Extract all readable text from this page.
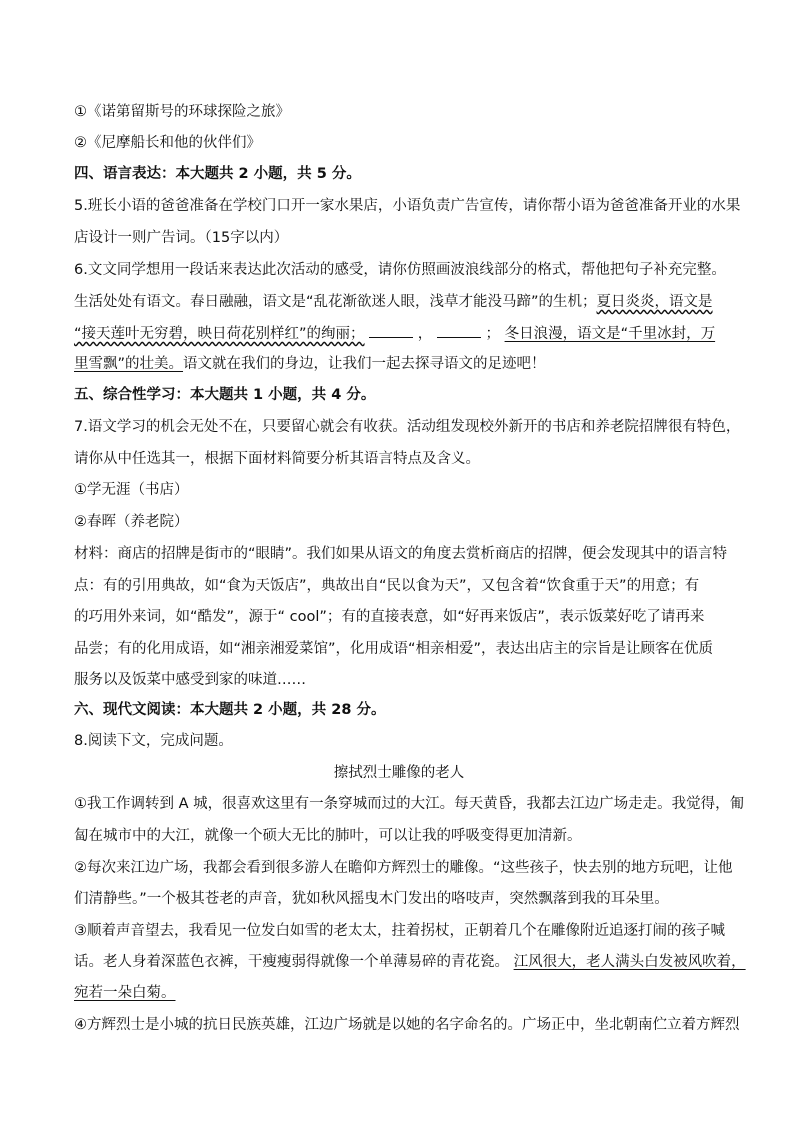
①《诺第留斯号的环球探险之旅》
②《尼摩船长和他的伙伴们》
四、语言表达：本大题共 2 小题，共 5 分。
5.班长小语的爸爸准备在学校门口开一家水果店，小语负责广告宣传，请你帮小语为爸爸准备开业的水果
店设计一则广告词。（15字以内）
6.文文同学想用一段话来表达此次活动的感受，请你仿照画波浪线部分的格式，帮他把句子补充完整。
生活处处有语文。春日融融，语文是“乱花渐欲迷人眼，浅草才能没马蹄”的生机；夏日炎炎，语文是
“接天莲叶无穷碧，映日荷花别样红”的绚丽；	，	； 冬日浪漫，语文是“千里冰封，万
里雪飘”的壮美。语文就在我们的身边，让我们一起去探寻语文的足迹吧！
五、综合性学习：本大题共 1 小题，共 4 分。
7.语文学习的机会无处不在，只要留心就会有收获。活动组发现校外新开的书店和养老院招牌很有特色，
请你从中任选其一，根据下面材料简要分析其语言特点及含义。
①学无涯（书店）
②春晖（养老院）
材料：商店的招牌是街市的“眼睛”。我们如果从语文的角度去赏析商店的招牌，便会发现其中的语言特
点：有的引用典故，如“食为天饭店”，典故出自“民以食为天”，又包含着“饮食重于天”的用意；有
的巧用外来词，如“酷发”，源于“ cool”；有的直接表意，如“好再来饭店”，表示饭菜好吃了请再来
品尝；有的化用成语，如“湘亲湘爱菜馆”，化用成语“相亲相爱”，表达出店主的宗旨是让顾客在优质
服务以及饭菜中感受到家的味道……
六、现代文阅读：本大题共 2 小题，共 28 分。
8.阅读下文，完成问题。
擦拭烈士雕像的老人
①我工作调转到 A 城，很喜欢这里有一条穿城而过的大江。每天黄昏，我都去江边广场走走。我觉得，匍
匐在城市中的大江，就像一个硕大无比的肺叶，可以让我的呼吸变得更加清新。
②每次来江边广场，我都会看到很多游人在瞻仰方辉烈士的雕像。“这些孩子，快去别的地方玩吧，让他
们清静些。”一个极其苍老的声音，犹如秋风摇曳木门发出的咯吱声，突然飘落到我的耳朵里。
③顺着声音望去，我看见一位发白如雪的老太太，拄着拐杖，正朝着几个在雕像附近追逐打闹的孩子喊
话。老人身着深蓝色衣裤，干瘦瘦弱得就像一个单薄易碎的青花瓷。 江风很大，老人满头白发被风吹着，
宛若一朵白菊。
④方辉烈士是小城的抗日民族英雄，江边广场就是以她的名字命名的。广场正中，坐北朝南伫立着方辉烈
